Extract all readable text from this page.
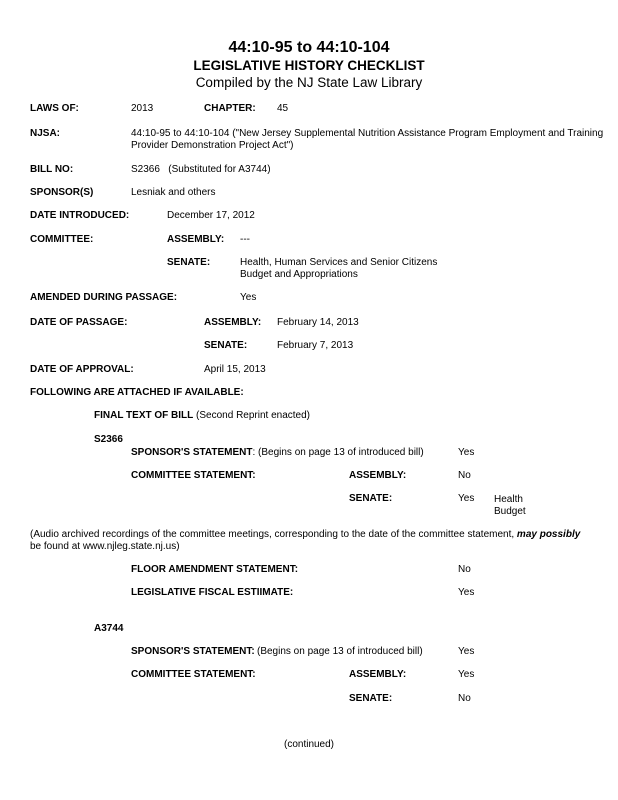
44:10-95 to 44:10-104
LEGISLATIVE HISTORY CHECKLIST
Compiled by the NJ State Law Library
LAWS OF:	2013	CHAPTER: 45
NJSA:	44:10-95 to 44:10-104 ("New Jersey Supplemental Nutrition Assistance Program Employment and Training
Provider Demonstration Project Act")
BILL NO:	S2366   (Substituted for A3744)
SPONSOR(S)	Lesniak and others
DATE INTRODUCED:	December 17, 2012
COMMITTEE:	ASSEMBLY: ---
SENATE:	Health, Human Services and Senior Citizens
Budget and Appropriations
AMENDED DURING PASSAGE:	Yes
DATE OF PASSAGE:	ASSEMBLY: February 14, 2013
SENATE:	February 7, 2013
DATE OF APPROVAL:	April 15, 2013
FOLLOWING ARE ATTACHED IF AVAILABLE:
FINAL TEXT OF BILL (Second Reprint enacted)
S2366
SPONSOR'S STATEMENT: (Begins on page 13 of introduced bill)	Yes
COMMITTEE STATEMENT:	ASSEMBLY:	No
SENATE:	Yes Health
Budget
(Audio archived recordings of the committee meetings, corresponding to the date of the committee statement, may possibly
be found at www.njleg.state.nj.us)
FLOOR AMENDMENT STATEMENT:	No
LEGISLATIVE FISCAL ESTIIMATE:	Yes
A3744
SPONSOR'S STATEMENT: (Begins on page 13 of introduced bill)	Yes
COMMITTEE STATEMENT:	ASSEMBLY:	Yes
SENATE:	No
(continued)
